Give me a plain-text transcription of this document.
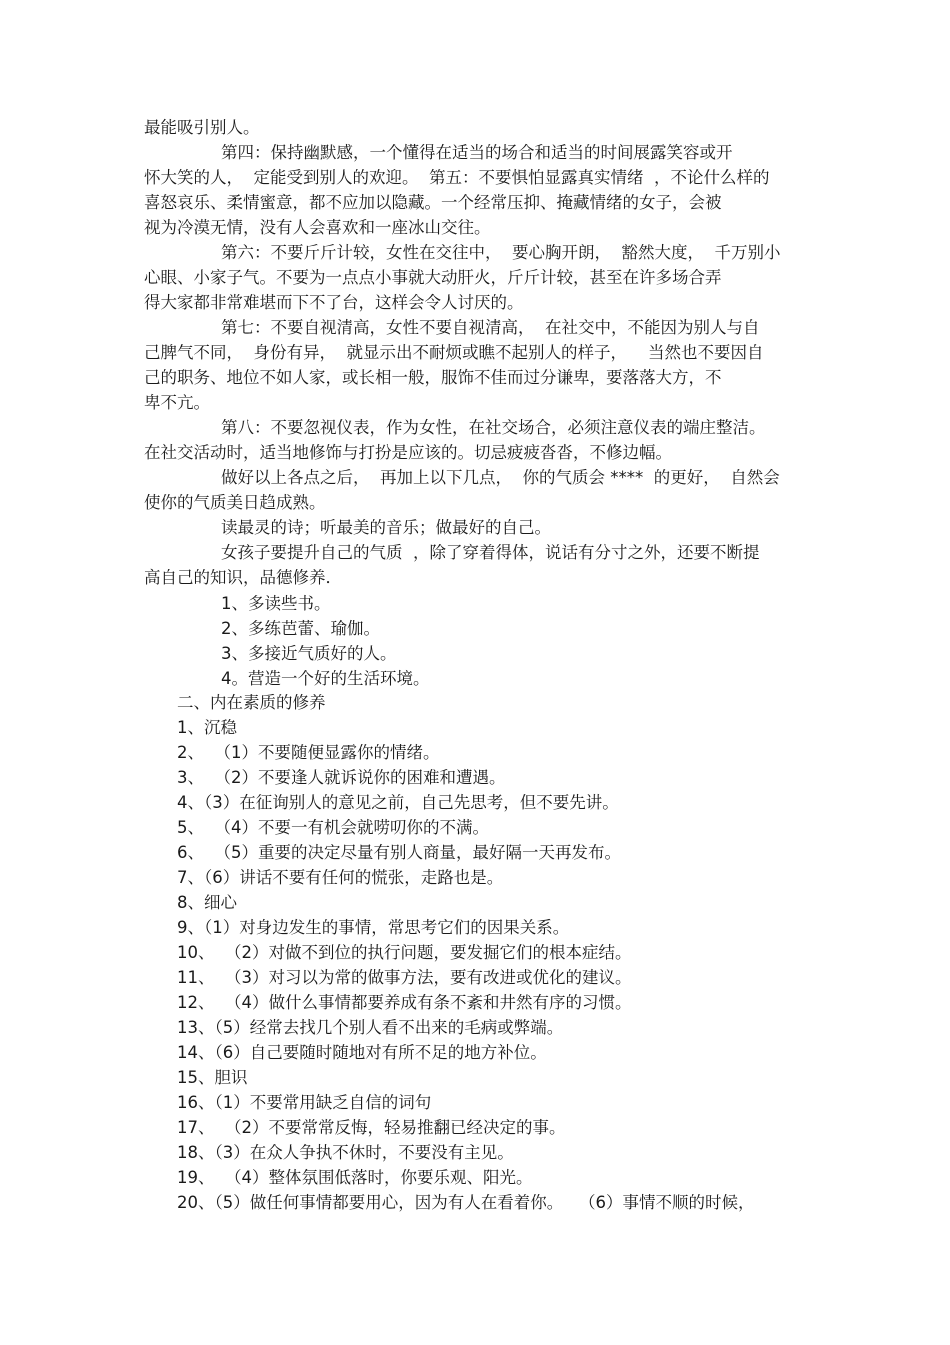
最能吸引别人。
第四：保持幽默感，一个懂得在适当的场合和适当的时间展露笑容或开
怀大笑的人，  定能受到别人的欢迎。  第五：不要惧怕显露真实情绪  ，不论什么样的
喜怒哀乐、柔情蜜意，都不应加以隐藏。一个经常压抑、掩藏情绪的女子，会被
视为冷漠无情，没有人会喜欢和一座冰山交往。
第六：不要斤斤计较，女性在交往中，  要心胸开朗，  豁然大度，  千万别小
心眼、小家子气。不要为一点点小事就大动肝火，斤斤计较，甚至在许多场合弄
得大家都非常难堪而下不了台，这样会令人讨厌的。
第七：不要自视清高，女性不要自视清高，  在社交中，不能因为别人与自
己脾气不同，  身份有异，  就显示出不耐烦或瞧不起别人的样子，    当然也不要因自
己的职务、地位不如人家，或长相一般，服饰不佳而过分谦卑，要落落大方，不
卑不亢。
第八：不要忽视仪表，作为女性，在社交场合，必须注意仪表的端庄整洁。
在社交活动时，适当地修饰与打扮是应该的。切忌疲疲沓沓，不修边幅。
做好以上各点之后，  再加上以下几点，  你的气质会 ****  的更好，  自然会
使你的气质美日趋成熟。
读最灵的诗；听最美的音乐；做最好的自己。
女孩子要提升自己的气质  ，除了穿着得体，说话有分寸之外，还要不断提
高自己的知识，品德修养．
1、多读些书。
2、多练芭蕾、瑜伽。
3、多接近气质好的人。
4。营造一个好的生活环境。
二、内在素质的修养
1、沉稳
2、  （1）不要随便显露你的情绪。
3、  （2）不要逢人就诉说你的困难和遭遇。
4、（3）在征询别人的意见之前，自己先思考，但不要先讲。
5、  （4）不要一有机会就唠叨你的不满。
6、  （5）重要的决定尽量有别人商量，最好隔一天再发布。
7、（6）讲话不要有任何的慌张，走路也是。
8、细心
9、（1）对身边发生的事情，常思考它们的因果关系。
10、  （2）对做不到位的执行问题，要发掘它们的根本症结。
11、  （3）对习以为常的做事方法，要有改进或优化的建议。
12、  （4）做什么事情都要养成有条不紊和井然有序的习惯。
13、（5）经常去找几个别人看不出来的毛病或弊端。
14、（6）自己要随时随地对有所不足的地方补位。
15、胆识
16、（1）不要常用缺乏自信的词句
17、  （2）不要常常反悔，轻易推翻已经决定的事。
18、（3）在众人争执不休时，不要没有主见。
19、  （4）整体氛围低落时，你要乐观、阳光。
20、（5）做任何事情都要用心，因为有人在看着你。   （6）事情不顺的时候，
